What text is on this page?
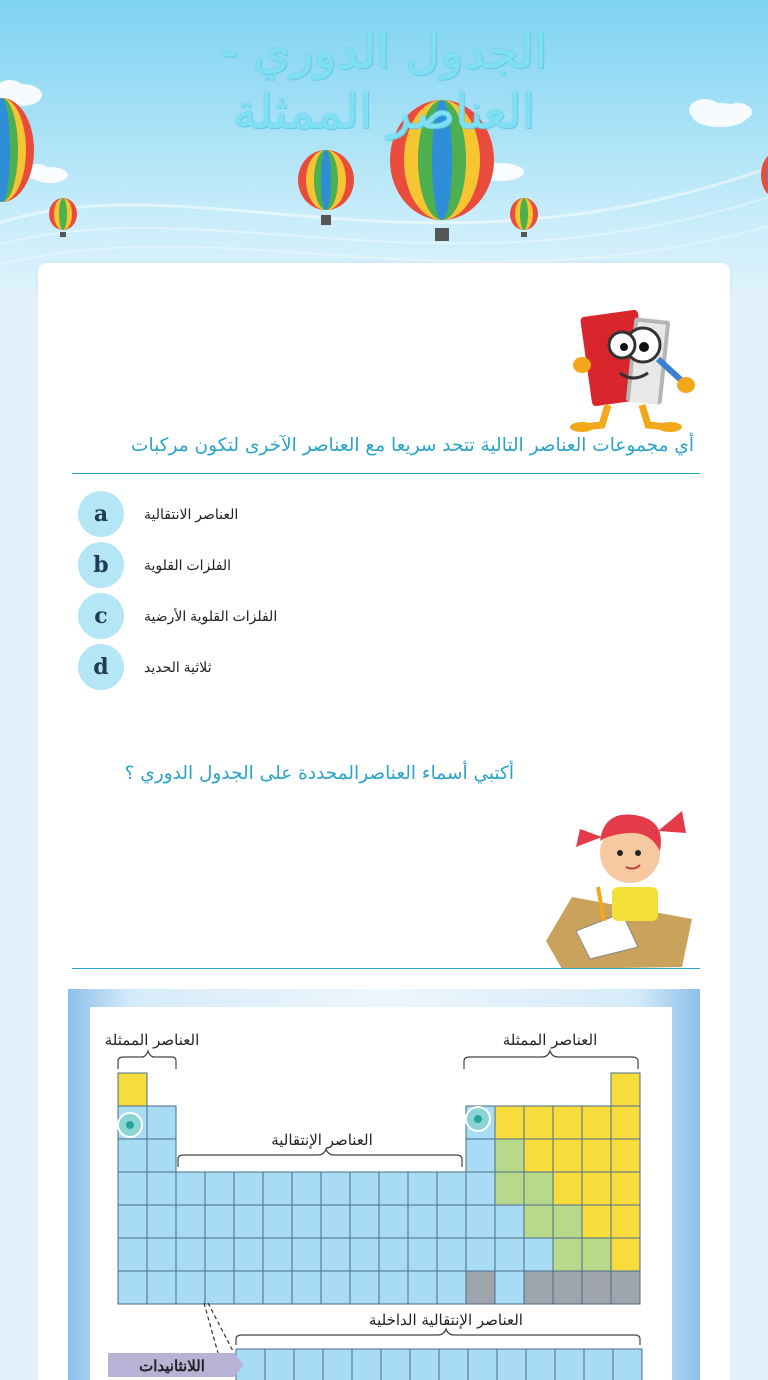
الجدول الدوري -
العناصر الممثلة
أي مجموعات العناصر التالية تتحد سريعا مع العناصر الآخرى لتكون مركبات
a	العناصر الانتقالية
b	الفلزات القلوية
c	الفلزات القلوية الأرضية
d	ثلاثية الحديد
أكتبي أسماء العناصرالمحددة على الجدول الدوري ؟
العناصر الممثلة	العناصر الممثلة
العناصر الإنتقالية
العناصر الإنتقالية الداخلية
اللانثانيدات
